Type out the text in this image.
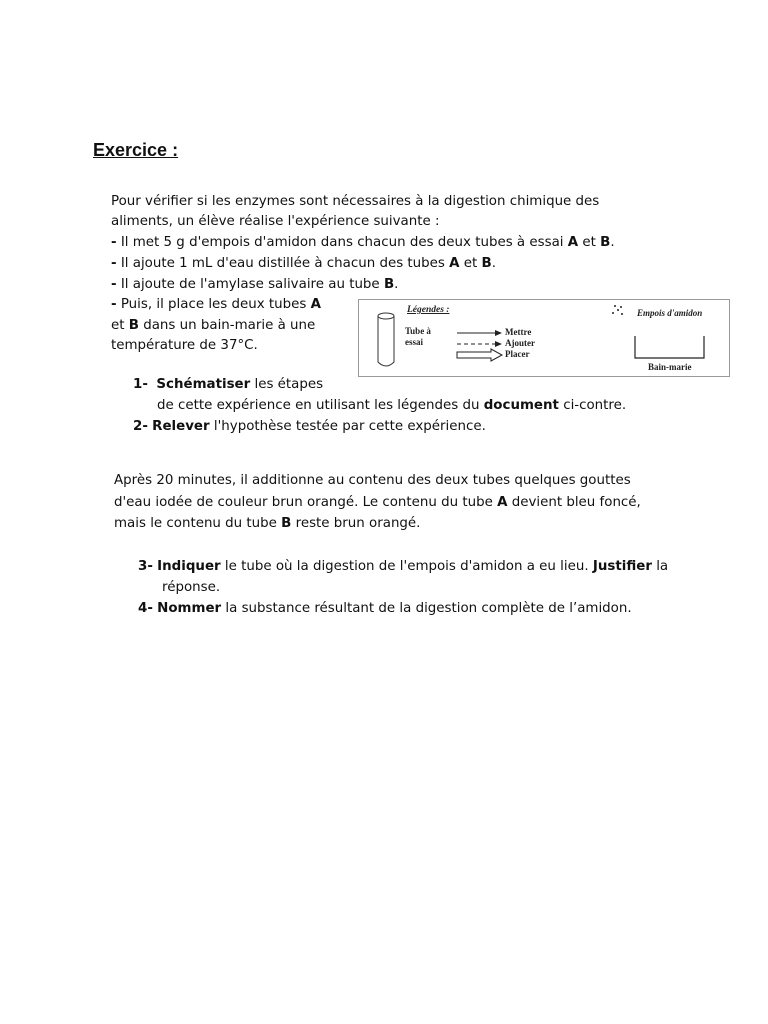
Exercice :
Pour vérifier si les enzymes sont nécessaires à la digestion chimique des
aliments, un élève réalise l'expérience suivante :
- Il met 5 g d'empois d'amidon dans chacun des deux tubes à essai A et B.
- Il ajoute 1 mL d'eau distillée à chacun des tubes A et B.
- Il ajoute de l'amylase salivaire au tube B.
- Puis, il place les deux tubes A
et B dans un bain-marie à une
température de 37°C.
Légendes :
Tube à
essai
Mettre
Ajouter
Placer
Empois d'amidon
Bain-marie
1- Schématiser les étapes
de cette expérience en utilisant les légendes du document ci-contre.
2- Relever l'hypothèse testée par cette expérience.
Après 20 minutes, il additionne au contenu des deux tubes quelques gouttes
d'eau iodée de couleur brun orangé. Le contenu du tube A devient bleu foncé,
mais le contenu du tube B reste brun orangé.
3- Indiquer le tube où la digestion de l'empois d'amidon a eu lieu. Justifier la
réponse.
4- Nommer la substance résultant de la digestion complète de l’amidon.
